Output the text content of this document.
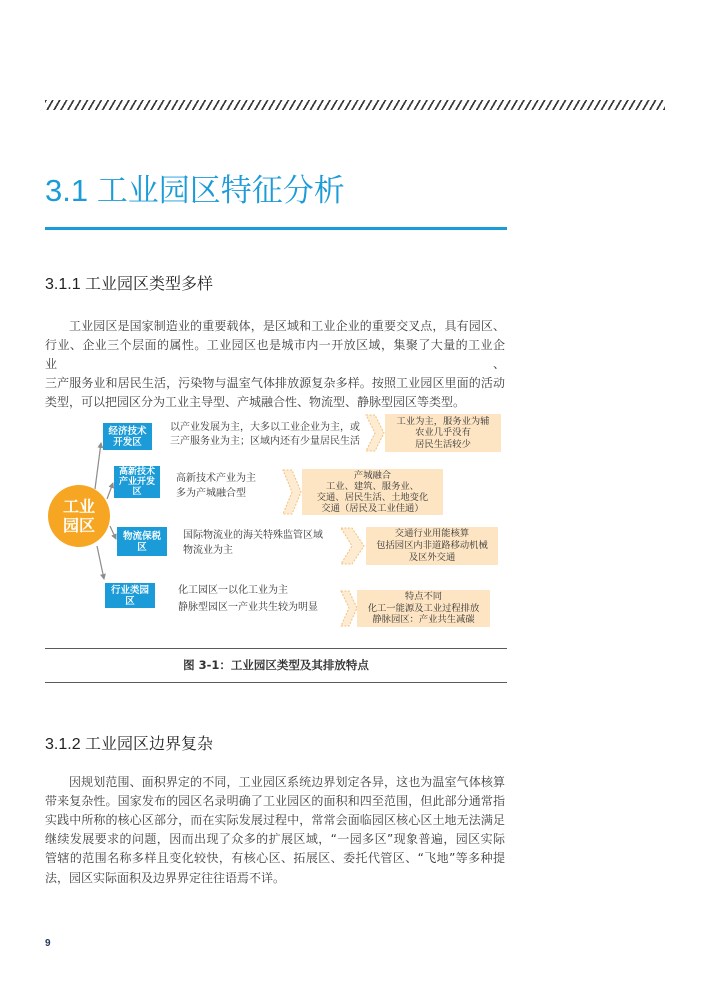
3.1 工业园区特征分析
3.1.1 工业园区类型多样
工业园区是国家制造业的重要载体，是区域和工业企业的重要交叉点，具有园区、
行业、企业三个层面的属性。工业园区也是城市内一开放区域，集聚了大量的工业企业、
三产服务业和居民生活，污染物与温室气体排放源复杂多样。按照工业园区里面的活动
类型，可以把园区分为工业主导型、产城融合性、物流型、静脉型园区等类型。
工业
园区
经济技术
开发区
以产业发展为主，大多以工业企业为主，或
三产服务业为主；区域内还有少量居民生活
工业为主，服务业为辅
农业几乎没有
居民生活较少
高新技术
产业开发
区
高新技术产业为主
多为产城融合型
产城融合
工业、建筑、服务业、
交通、居民生活、土地变化
交通（居民及工业佳通）
物流保税
区
国际物流业的海关特殊监管区域
物流业为主
交通行业用能核算
包括园区内非道路移动机械
及区外交通
行业类园
区
化工园区一以化工业为主
静脉型园区一产业共生较为明显
特点不同
化工一能源及工业过程排放
静脉园区：产业共生减碳
图 3-1：工业园区类型及其排放特点
3.1.2 工业园区边界复杂
因规划范围、面积界定的不同，工业园区系统边界划定各异，这也为温室气体核算
带来复杂性。国家发布的园区名录明确了工业园区的面积和四至范围，但此部分通常指
实践中所称的核心区部分，而在实际发展过程中，常常会面临园区核心区土地无法满足
继续发展要求的问题，因而出现了众多的扩展区域，“一园多区”现象普遍，园区实际
管辖的范围名称多样且变化较快，有核心区、拓展区、委托代管区、“飞地”等多种提
法，园区实际面积及边界界定往往语焉不详。
9
